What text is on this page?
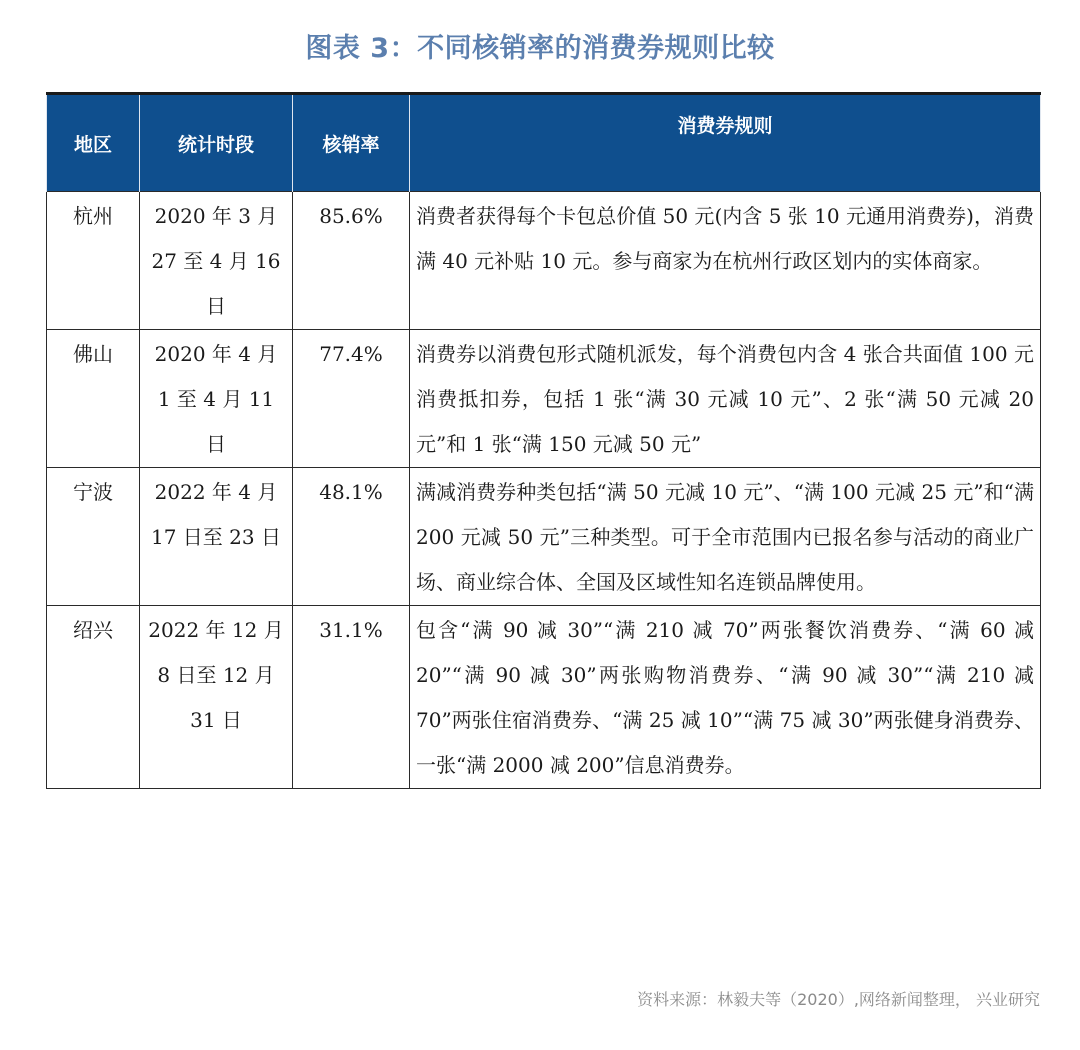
图表 3：不同核销率的消费券规则比较
地区	统计时段	核销率	消费券规则
杭州	2020 年 3 月 27 至 4 月 16 日	85.6%	消费者获得每个卡包总价值 50 元(内含 5 张 10 元通用消费券)，消费满 40 元补贴 10 元。参与商家为在杭州行政区划内的实体商家。
佛山	2020 年 4 月 1 至 4 月 11 日	77.4%	消费券以消费包形式随机派发，每个消费包内含 4 张合共面值 100 元消费抵扣券，包括 1 张“满 30 元减 10 元”、2 张“满 50 元减 20 元”和 1 张“满 150 元减 50 元”
宁波	2022 年 4 月 17 日至 23 日	48.1%	满减消费券种类包括“满 50 元减 10 元”、“满 100 元减 25 元”和“满 200 元减 50 元”三种类型。可于全市范围内已报名参与活动的商业广场、商业综合体、全国及区域性知名连锁品牌使用。
绍兴	2022 年 12 月 8 日至 12 月 31 日	31.1%	包含“满 90 减 30”“满 210 减 70”两张餐饮消费券、“满 60 减 20”“满 90 减 30”两张购物消费券、“满 90 减 30”“满 210 减 70”两张住宿消费券、“满 25 减 10”“满 75 减 30”两张健身消费券、一张“满 2000 减 200”信息消费券。
资料来源：林毅夫等（2020）,网络新闻整理， 兴业研究
